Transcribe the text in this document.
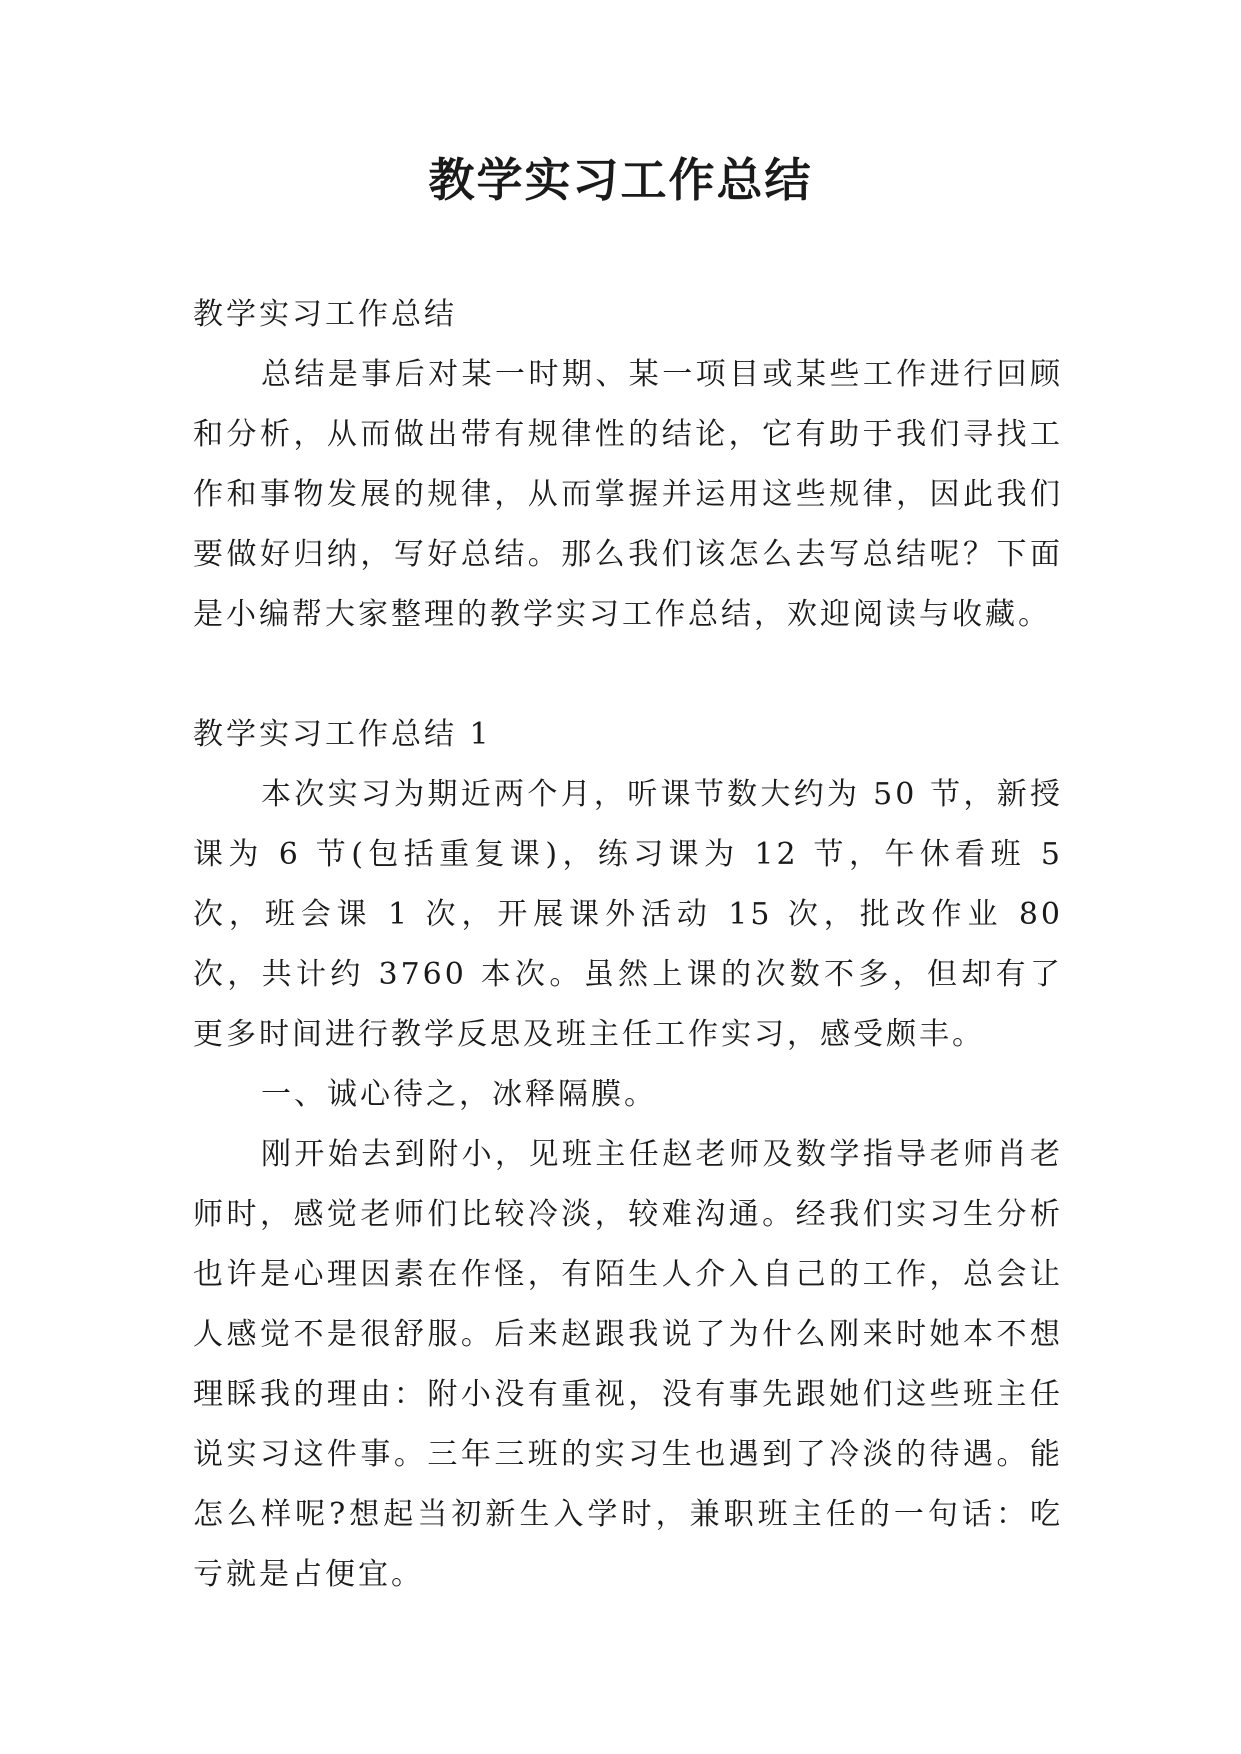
教学实习工作总结

教学实习工作总结

总结是事后对某一时期、某一项目或某些工作进行回顾和分析，从而做出带有规律性的结论，它有助于我们寻找工作和事物发展的规律，从而掌握并运用这些规律，因此我们要做好归纳，写好总结。那么我们该怎么去写总结呢？下面是小编帮大家整理的教学实习工作总结，欢迎阅读与收藏。

教学实习工作总结 1

本次实习为期近两个月，听课节数大约为 50 节，新授课为 6 节(包括重复课)，练习课为 12 节，午休看班 5 次，班会课 1 次，开展课外活动 15 次，批改作业 80 次，共计约 3760 本次。虽然上课的次数不多，但却有了更多时间进行教学反思及班主任工作实习，感受颇丰。

一、诚心待之，冰释隔膜。

刚开始去到附小，见班主任赵老师及数学指导老师肖老师时，感觉老师们比较冷淡，较难沟通。经我们实习生分析也许是心理因素在作怪，有陌生人介入自己的工作，总会让人感觉不是很舒服。后来赵跟我说了为什么刚来时她本不想理睬我的理由：附小没有重视，没有事先跟她们这些班主任说实习这件事。三年三班的实习生也遇到了冷淡的待遇。能怎么样呢?想起当初新生入学时，兼职班主任的一句话：吃亏就是占便宜。
